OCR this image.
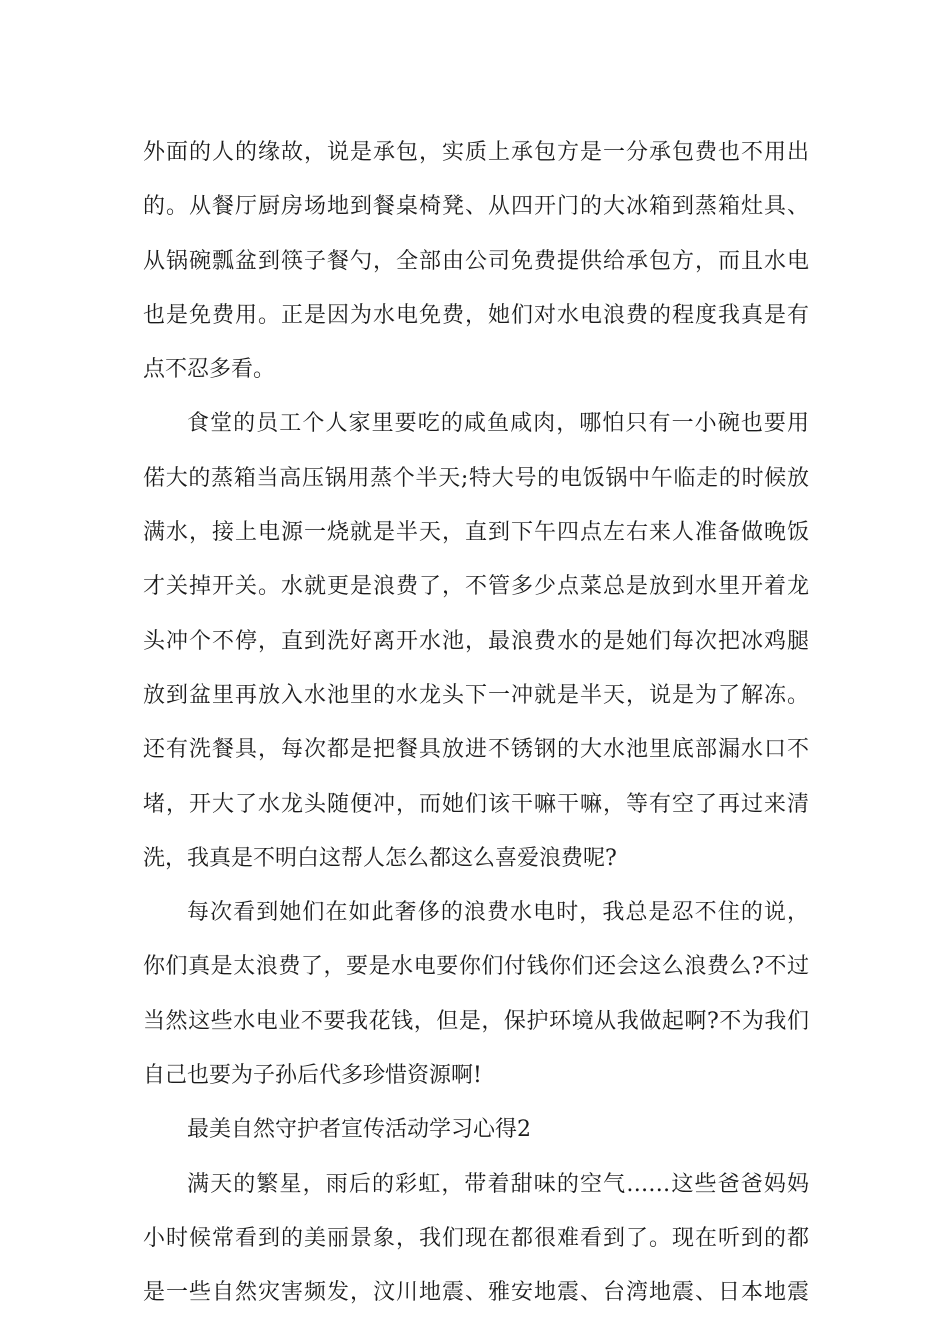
外面的人的缘故，说是承包，实质上承包方是一分承包费也不用出
的。从餐厅厨房场地到餐桌椅凳、从四开门的大冰箱到蒸箱灶具、
从锅碗瓢盆到筷子餐勺，全部由公司免费提供给承包方，而且水电
也是免费用。正是因为水电免费，她们对水电浪费的程度我真是有
点不忍多看。
食堂的员工个人家里要吃的咸鱼咸肉，哪怕只有一小碗也要用
偌大的蒸箱当高压锅用蒸个半天;特大号的电饭锅中午临走的时候放
满水，接上电源一烧就是半天，直到下午四点左右来人准备做晚饭
才关掉开关。水就更是浪费了，不管多少点菜总是放到水里开着龙
头冲个不停，直到洗好离开水池，最浪费水的是她们每次把冰鸡腿
放到盆里再放入水池里的水龙头下一冲就是半天，说是为了解冻。
还有洗餐具，每次都是把餐具放进不锈钢的大水池里底部漏水口不
堵，开大了水龙头随便冲，而她们该干嘛干嘛，等有空了再过来清
洗，我真是不明白这帮人怎么都这么喜爱浪费呢?
每次看到她们在如此奢侈的浪费水电时，我总是忍不住的说，
你们真是太浪费了，要是水电要你们付钱你们还会这么浪费么?不过
当然这些水电业不要我花钱，但是，保护环境从我做起啊?不为我们
自己也要为子孙后代多珍惜资源啊!
最美自然守护者宣传活动学习心得2
满天的繁星，雨后的彩虹，带着甜味的空气……这些爸爸妈妈
小时候常看到的美丽景象，我们现在都很难看到了。现在听到的都
是一些自然灾害频发，汶川地震、雅安地震、台湾地震、日本地震
